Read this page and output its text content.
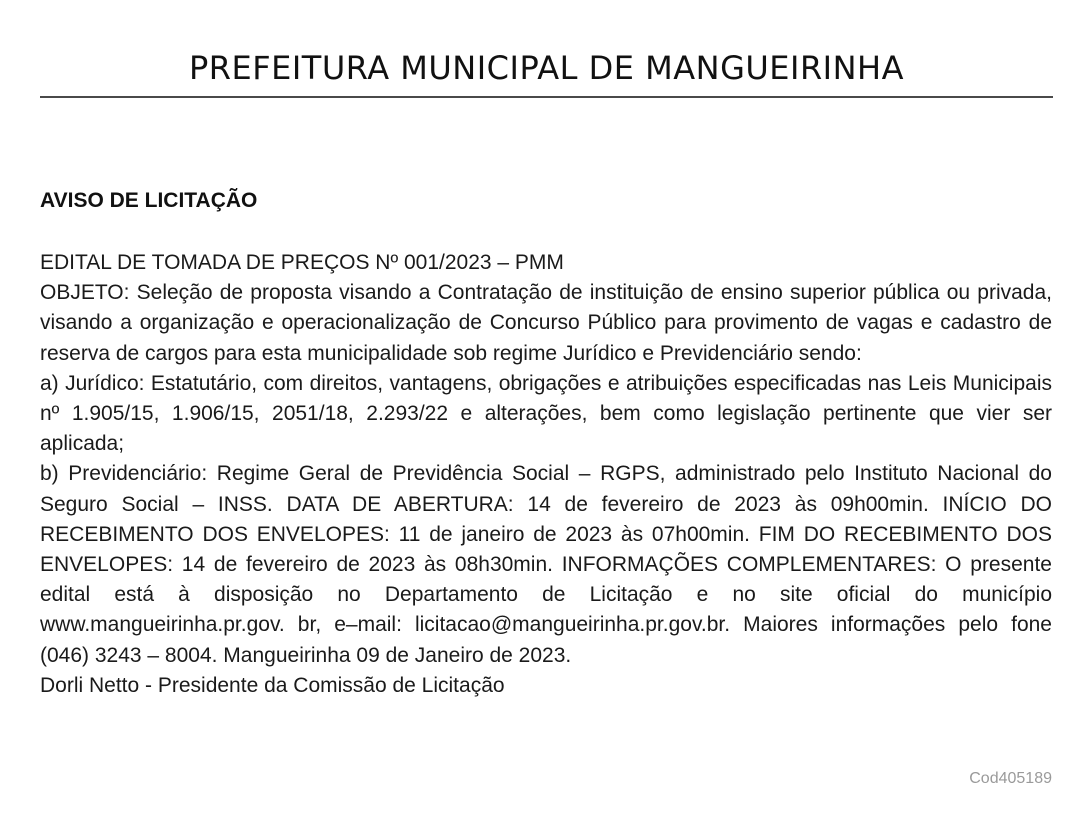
PREFEITURA MUNICIPAL DE MANGUEIRINHA
AVISO DE LICITAÇÃO

EDITAL DE TOMADA DE PREÇOS Nº 001/2023 – PMM

OBJETO: Seleção de proposta visando a Contratação de instituição de ensino superior pública ou privada, visando a organização e operacionalização de Concurso Público para provimento de vagas e cadastro de reserva de cargos para esta municipalidade sob regime Jurídico e Previdenciário sendo:

a) Jurídico: Estatutário, com direitos, vantagens, obrigações e atribuições especificadas nas Leis Municipais nº 1.905/15, 1.906/15, 2051/18, 2.293/22 e alterações, bem como legislação pertinente que vier ser aplicada;

b) Previdenciário: Regime Geral de Previdência Social – RGPS, administrado pelo Instituto Nacional do Seguro Social – INSS. DATA DE ABERTURA: 14 de fevereiro de 2023 às 09h00min. INÍCIO DO RECEBIMENTO DOS ENVELOPES: 11 de janeiro de 2023 às 07h00min. FIM DO RECEBIMENTO DOS ENVELOPES: 14 de fevereiro de 2023 às 08h30min. INFORMAÇÕES COMPLEMENTARES: O presente edital está à disposição no Departamento de Licitação e no site oficial do município www.mangueirinha.pr.gov. br, e–mail: licitacao@mangueirinha.pr.gov.br. Maiores informações pelo fone (046) 3243 – 8004. Mangueirinha 09 de Janeiro de 2023.

Dorli Netto - Presidente da Comissão de Licitação

Cod405189
